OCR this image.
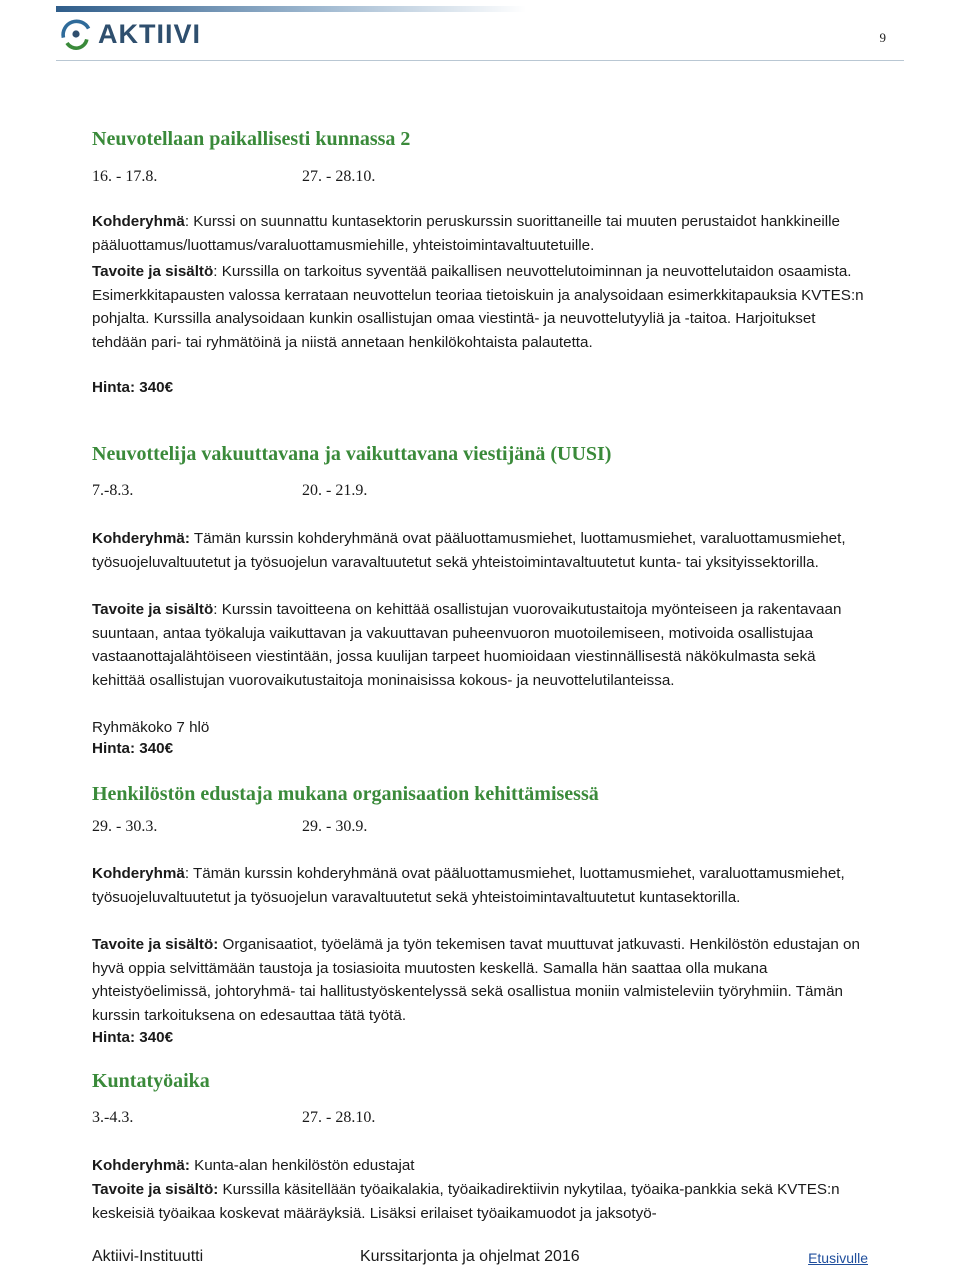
AKTIIVI	9
Neuvotellaan paikallisesti kunnassa 2
16. - 17.8.	27. - 28.10.

Kohderyhmä: Kurssi on suunnattu kuntasektorin peruskurssin suorittaneille tai muuten perustaidot hankkineille pääluottamus/luottamus/varaluottamusmiehille, yhteistoimintavaltuutetuille.

Tavoite ja sisältö: Kurssilla on tarkoitus syventää paikallisen neuvottelutoiminnan ja neuvottelutaidon osaamista. Esimerkkitapausten valossa kerrataan neuvottelun teoriaa tietoiskuin ja analysoidaan esimerkkitapauksia KVTES:n pohjalta. Kurssilla analysoidaan kunkin osallistujan omaa viestintä- ja neuvottelutyyliä ja -taitoa. Harjoitukset tehdään pari- tai ryhmätöinä ja niistä annetaan henkilökohtaista palautetta.

Hinta: 340€
Neuvottelija vakuuttavana ja vaikuttavana viestijänä (UUSI)
7.-8.3.	20. - 21.9.

Kohderyhmä: Tämän kurssin kohderyhmänä ovat pääluottamusmiehet, luottamusmiehet, varaluottamusmiehet, työsuojeluvaltuutetut ja työsuojelun varavaltuutetut sekä yhteistoimintavaltuutetut kunta- tai yksityissektorilla.

Tavoite ja sisältö: Kurssin tavoitteena on kehittää osallistujan vuorovaikutustaitoja myönteiseen ja rakentavaan suuntaan, antaa työkaluja vaikuttavan ja vakuuttavan puheenvuoron muotoilemiseen, motivoida osallistujaa vastaanottajalähtöiseen viestintään, jossa kuulijan tarpeet huomioidaan viestinnällisestä näkökulmasta sekä kehittää osallistujan vuorovaikutustaitoja moninaisissa kokous- ja neuvottelutilanteissa.

Ryhmäkoko 7 hlö
Hinta: 340€
Henkilöstön edustaja mukana organisaation kehittämisessä
29. - 30.3.	29. - 30.9.

Kohderyhmä: Tämän kurssin kohderyhmänä ovat pääluottamusmiehet, luottamusmiehet, varaluottamusmiehet, työsuojeluvaltuutetut ja työsuojelun varavaltuutetut sekä yhteistoimintavaltuutetut kuntasektorilla.

Tavoite ja sisältö: Organisaatiot, työelämä ja työn tekemisen tavat muuttuvat jatkuvasti. Henkilöstön edustajan on hyvä oppia selvittämään taustoja ja tosiasioita muutosten keskellä. Samalla hän saattaa olla mukana yhteistyöelimissä, johtoryhmä- tai hallitustyöskentelyssä sekä osallistua moniin valmisteleviin työryhmiin. Tämän kurssin tarkoituksena on edesauttaa tätä työtä.

Hinta: 340€
Kuntatyöaika
3.-4.3.	27. - 28.10.

Kohderyhmä: Kunta-alan henkilöstön edustajat

Tavoite ja sisältö: Kurssilla käsitellään työaikalakia, työaikadirektiivin nykytilaa, työaika-pankkia sekä KVTES:n keskeisiä työaikaa koskevat määräyksiä. Lisäksi erilaiset työaikamuodot ja jaksotyö-

Aktiivi-Instituutti	Kurssitarjonta ja ohjelmat 2016	Etusivulle
